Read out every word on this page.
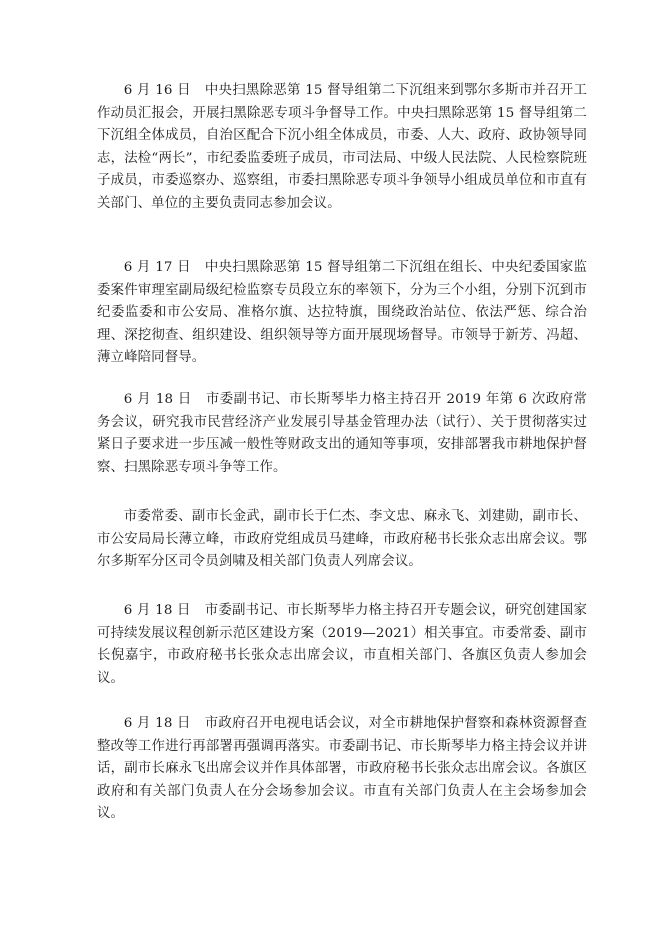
6 月 16 日 中央扫黑除恶第 15 督导组第二下沉组来到鄂尔多斯市并召开工作动员汇报会，开展扫黑除恶专项斗争督导工作。中央扫黑除恶第 15 督导组第二下沉组全体成员，自治区配合下沉小组全体成员，市委、人大、政府、政协领导同志，法检“两长”，市纪委监委班子成员，市司法局、中级人民法院、人民检察院班子成员，市委巡察办、巡察组，市委扫黑除恶专项斗争领导小组成员单位和市直有关部门、单位的主要负责同志参加会议。

6 月 17 日 中央扫黑除恶第 15 督导组第二下沉组在组长、中央纪委国家监委案件审理室副局级纪检监察专员段立东的率领下，分为三个小组，分别下沉到市纪委监委和市公安局、准格尔旗、达拉特旗，围绕政治站位、依法严惩、综合治理、深挖彻查、组织建设、组织领导等方面开展现场督导。市领导于新芳、冯超、薄立峰陪同督导。

6 月 18 日 市委副书记、市长斯琴毕力格主持召开 2019 年第 6 次政府常务会议，研究我市民营经济产业发展引导基金管理办法（试行）、关于贯彻落实过紧日子要求进一步压减一般性等财政支出的通知等事项，安排部署我市耕地保护督察、扫黑除恶专项斗争等工作。

市委常委、副市长金武，副市长于仁杰、李文忠、麻永飞、刘建勋，副市长、市公安局局长薄立峰，市政府党组成员马建峰，市政府秘书长张众志出席会议。鄂尔多斯军分区司令员剑啸及相关部门负责人列席会议。

6 月 18 日 市委副书记、市长斯琴毕力格主持召开专题会议，研究创建国家可持续发展议程创新示范区建设方案（2019—2021）相关事宜。市委常委、副市长倪嘉宇，市政府秘书长张众志出席会议，市直相关部门、各旗区负责人参加会议。

6 月 18 日 市政府召开电视电话会议，对全市耕地保护督察和森林资源督查整改等工作进行再部署再强调再落实。市委副书记、市长斯琴毕力格主持会议并讲话，副市长麻永飞出席会议并作具体部署，市政府秘书长张众志出席会议。各旗区政府和有关部门负责人在分会场参加会议。市直有关部门负责人在主会场参加会议。
